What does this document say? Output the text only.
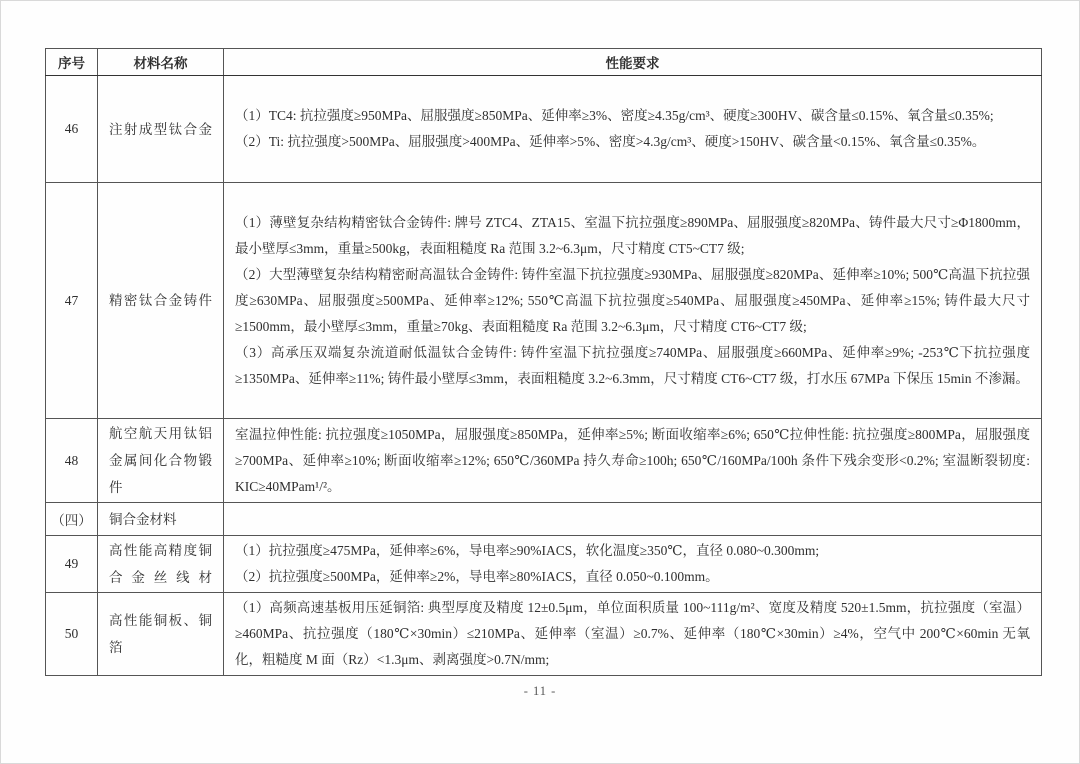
序号	材料名称	性能要求
46	注射成型钛合金	（1）TC4: 抗拉强度≥950MPa、屈服强度≥850MPa、延伸率≥3%、密度≥4.35g/cm³、硬度≥300HV、碳含量≤0.15%、氧含量≤0.35%;

（2）Ti: 抗拉强度>500MPa、屈服强度>400MPa、延伸率>5%、密度>4.3g/cm³、硬度>150HV、碳含量<0.15%、氧含量≤0.35%。

47	精密钛合金铸件	（1）薄壁复杂结构精密钛合金铸件: 牌号 ZTC4、ZTA15、室温下抗拉强度≥890MPa、屈服强度≥820MPa、铸件最大尺寸≥Φ1800mm，最小壁厚≤3mm，重量≥500kg，表面粗糙度 Ra 范围 3.2~6.3μm，尺寸精度 CT5~CT7 级;

（2）大型薄壁复杂结构精密耐高温钛合金铸件: 铸件室温下抗拉强度≥930MPa、屈服强度≥820MPa、延伸率≥10%; 500℃高温下抗拉强度≥630MPa、屈服强度≥500MPa、延伸率≥12%; 550℃高温下抗拉强度≥540MPa、屈服强度≥450MPa、延伸率≥15%; 铸件最大尺寸≥1500mm，最小壁厚≤3mm，重量≥70kg、表面粗糙度 Ra 范围 3.2~6.3μm，尺寸精度 CT6~CT7 级;

（3）高承压双端复杂流道耐低温钛合金铸件: 铸件室温下抗拉强度≥740MPa、屈服强度≥660MPa、延伸率≥9%; -253℃下抗拉强度≥1350MPa、延伸率≥11%; 铸件最小壁厚≤3mm，表面粗糙度 3.2~6.3mm，尺寸精度 CT6~CT7 级，打水压 67MPa 下保压 15min 不渗漏。

48	航空航天用钛铝金属间化合物锻件	室温拉伸性能: 抗拉强度≥1050MPa，屈服强度≥850MPa，延伸率≥5%; 断面收缩率≥6%; 650℃拉伸性能: 抗拉强度≥800MPa，屈服强度≥700MPa、延伸率≥10%; 断面收缩率≥12%; 650℃/360MPa 持久寿命≥100h; 650℃/160MPa/100h 条件下残余变形<0.2%; 室温断裂韧度: KIC≥40MPam¹/²。

（四）	铜合金材料	
49	高性能高精度铜合金丝线材	（1）抗拉强度≥475MPa，延伸率≥6%，导电率≥90%IACS，软化温度≥350℃，直径 0.080~0.300mm;

（2）抗拉强度≥500MPa，延伸率≥2%，导电率≥80%IACS，直径 0.050~0.100mm。

50	高性能铜板、铜箔	（1）高频高速基板用压延铜箔: 典型厚度及精度 12±0.5μm，单位面积质量 100~111g/m²、宽度及精度 520±1.5mm，抗拉强度（室温）≥460MPa、抗拉强度（180℃×30min）≤210MPa、延伸率（室温）≥0.7%、延伸率（180℃×30min）≥4%，空气中 200℃×60min 无氧化，粗糙度 M 面（Rz）<1.3μm、剥离强度>0.7N/mm;

- 11 -
